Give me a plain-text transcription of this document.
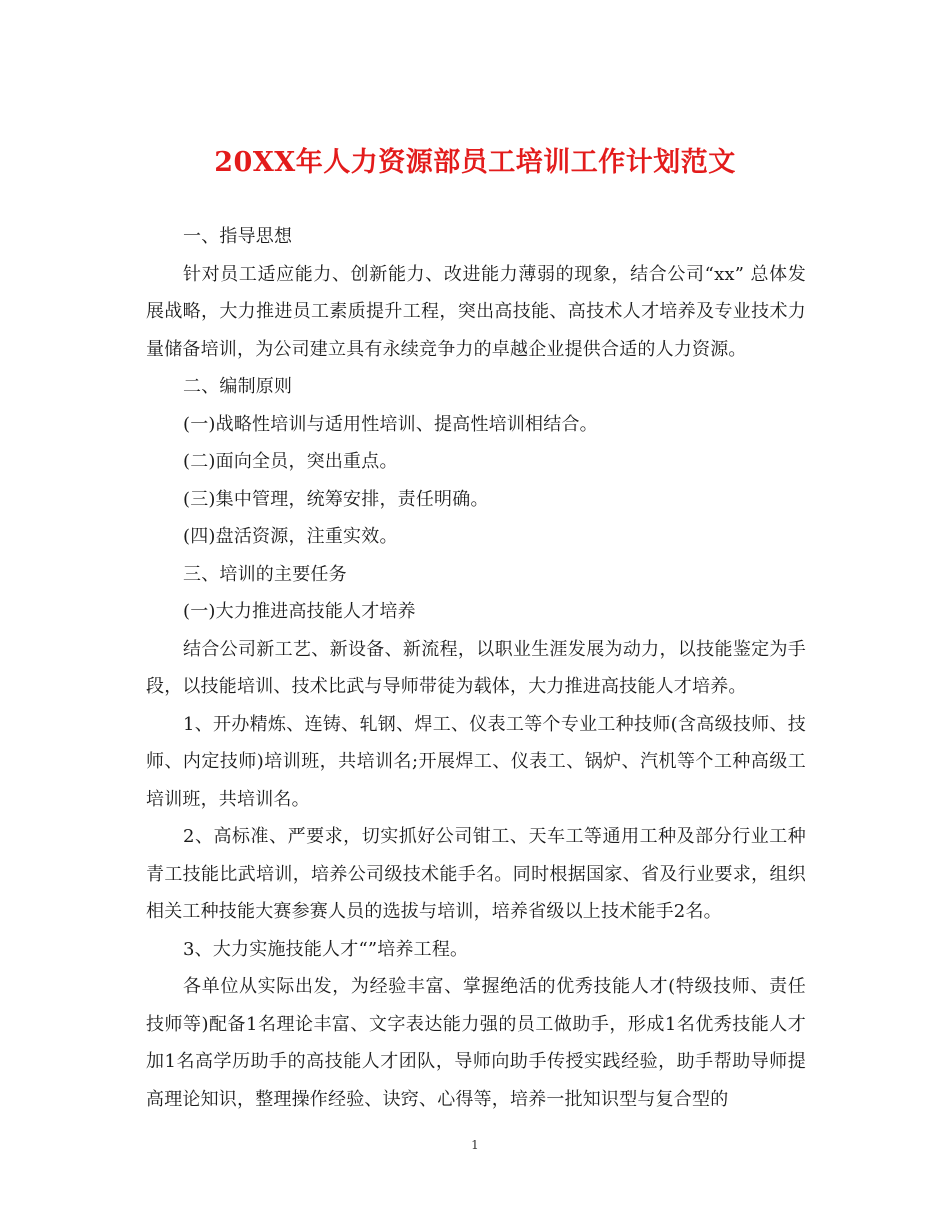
20XX年人力资源部员工培训工作计划范文

一、指导思想

针对员工适应能力、创新能力、改进能力薄弱的现象，结合公司“xx” 总体发展战略，大力推进员工素质提升工程，突出高技能、高技术人才培养及专业技术力量储备培训，为公司建立具有永续竞争力的卓越企业提供合适的人力资源。

二、编制原则

(一)战略性培训与适用性培训、提高性培训相结合。

(二)面向全员，突出重点。

(三)集中管理，统筹安排，责任明确。

(四)盘活资源，注重实效。

三、培训的主要任务

(一)大力推进高技能人才培养

结合公司新工艺、新设备、新流程，以职业生涯发展为动力，以技能鉴定为手段，以技能培训、技术比武与导师带徒为载体，大力推进高技能人才培养。

1、开办精炼、连铸、轧钢、焊工、仪表工等个专业工种技师(含高级技师、技师、内定技师)培训班，共培训名;开展焊工、仪表工、锅炉、汽机等个工种高级工培训班，共培训名。

2、高标准、严要求，切实抓好公司钳工、天车工等通用工种及部分行业工种青工技能比武培训，培养公司级技术能手名。同时根据国家、省及行业要求，组织相关工种技能大赛参赛人员的选拔与培训，培养省级以上技术能手2名。

3、大力实施技能人才“”培养工程。

各单位从实际出发，为经验丰富、掌握绝活的优秀技能人才(特级技师、责任技师等)配备1名理论丰富、文字表达能力强的员工做助手，形成1名优秀技能人才加1名高学历助手的高技能人才团队，导师向助手传授实践经验，助手帮助导师提高理论知识，整理操作经验、诀窍、心得等，培养一批知识型与复合型的

1
